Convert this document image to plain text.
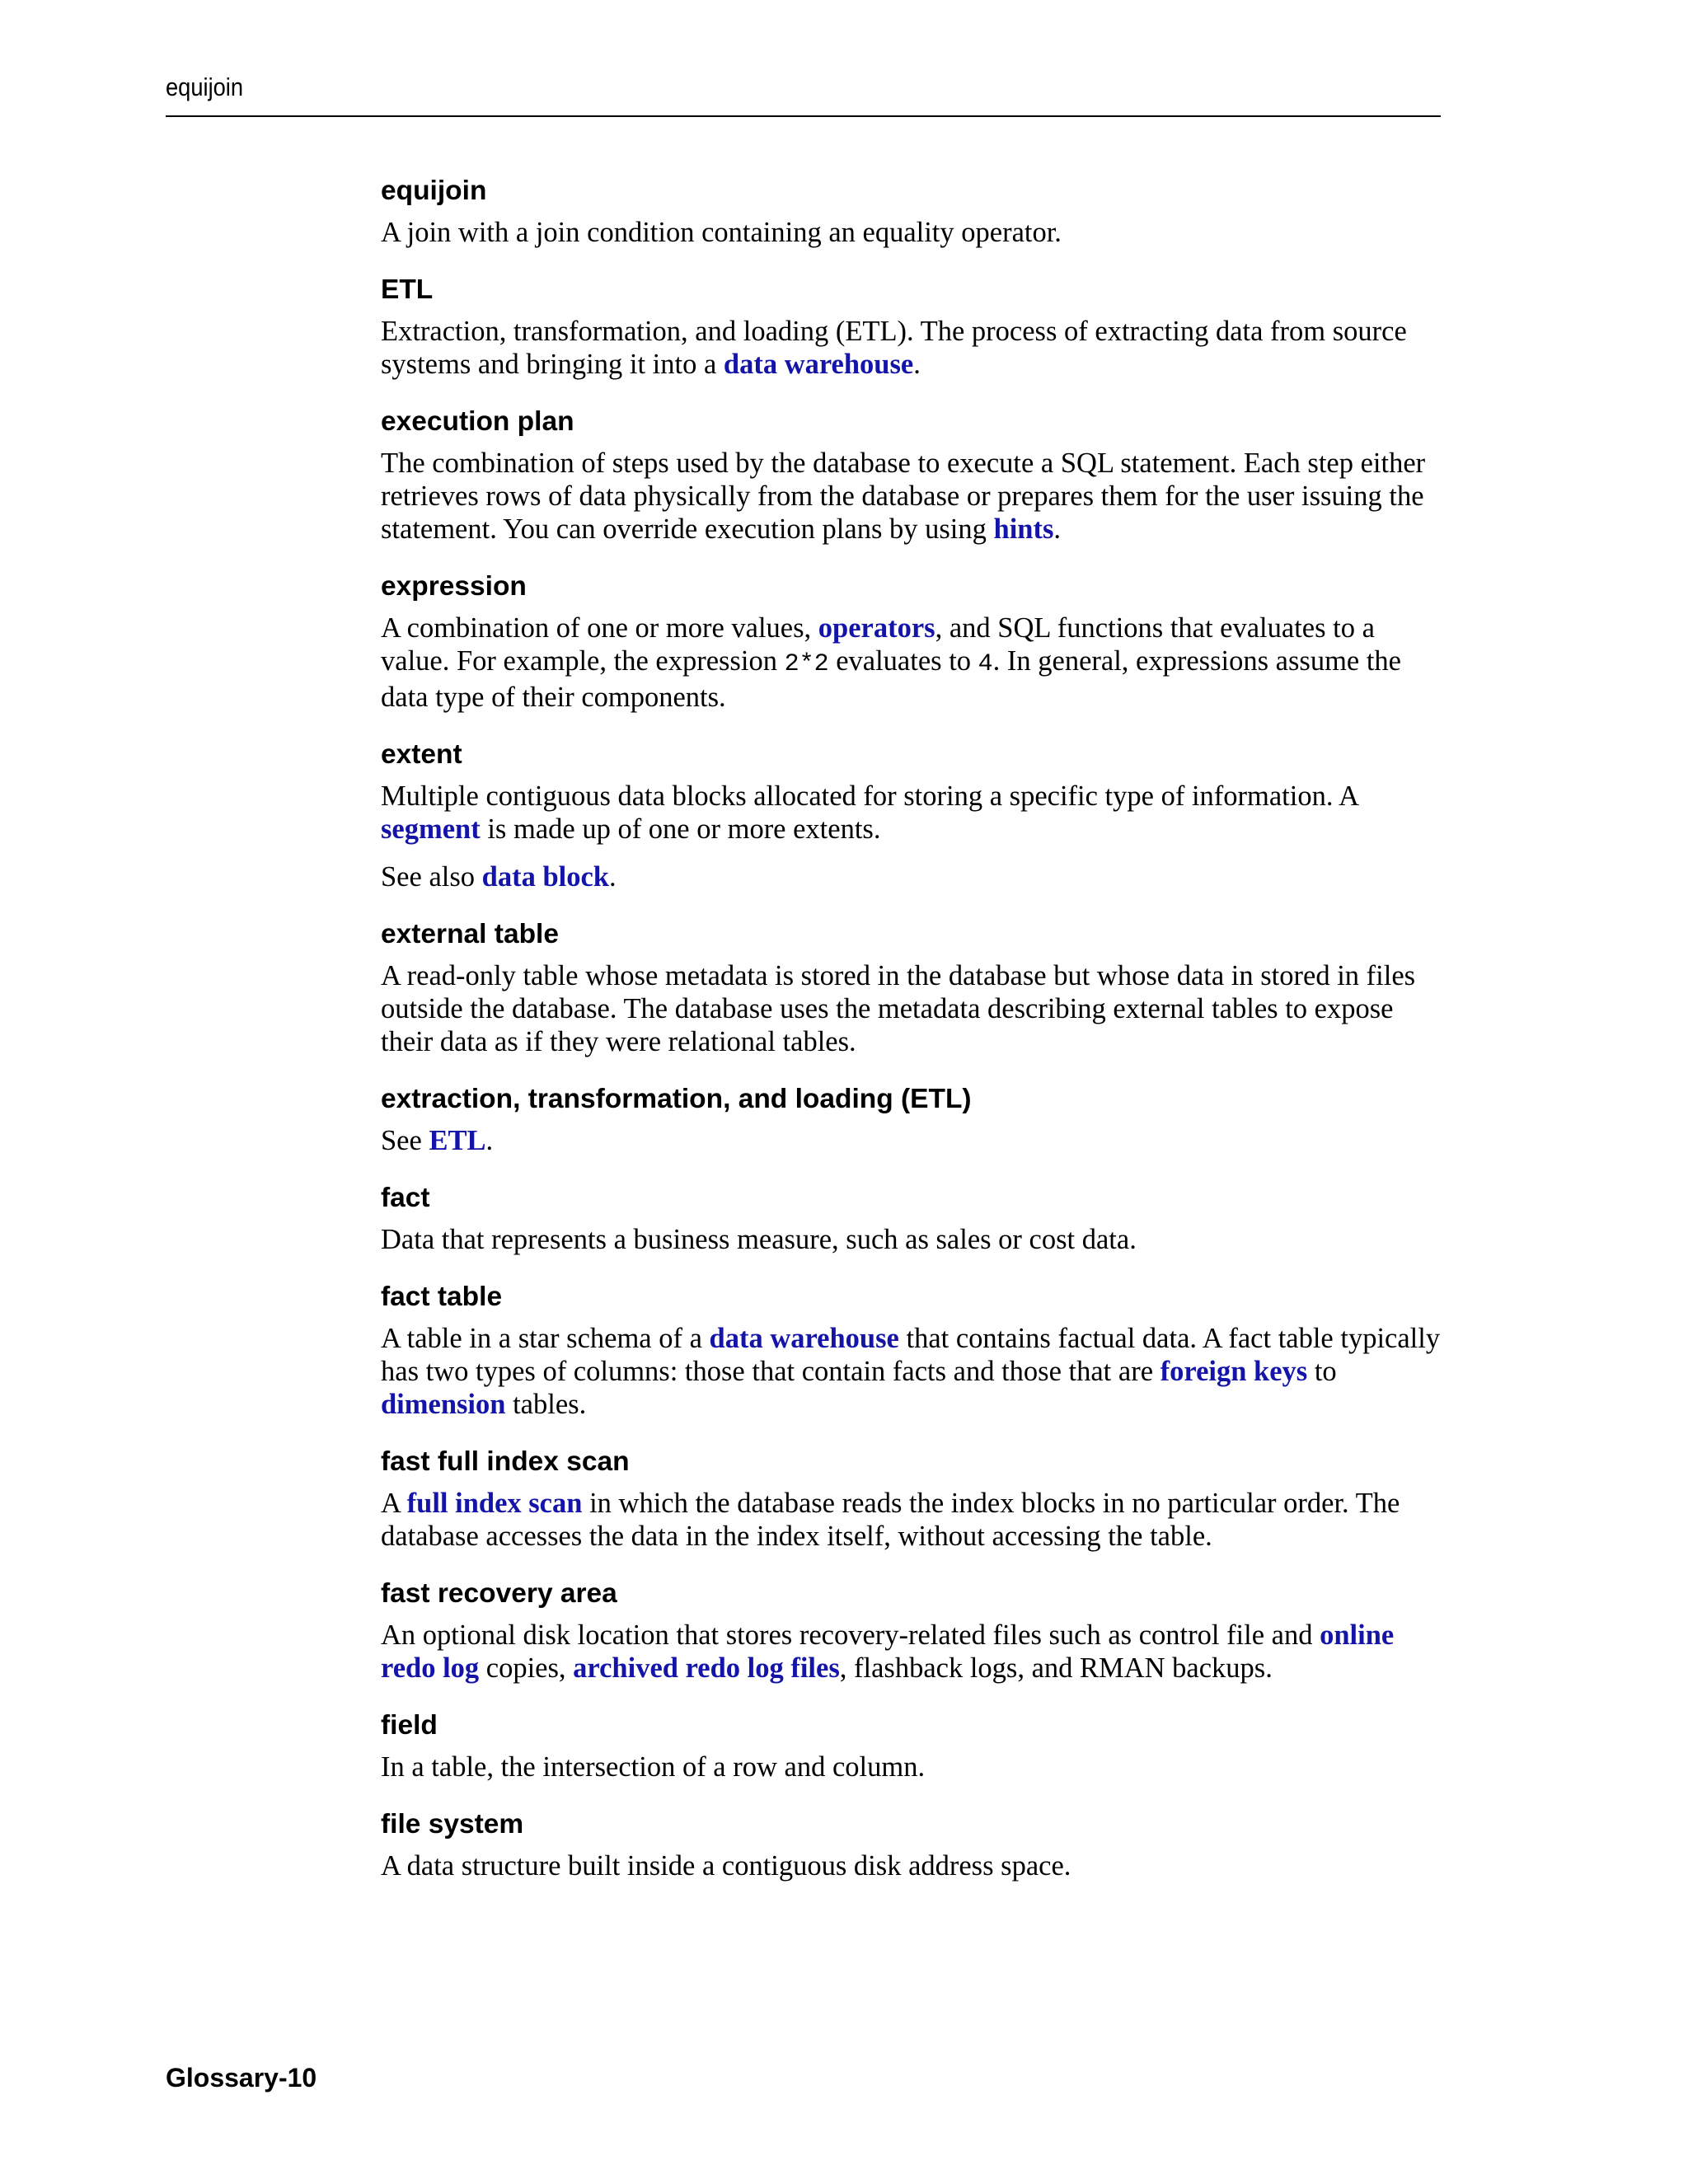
equijoin
equijoin

A join with a join condition containing an equality operator.

ETL

Extraction, transformation, and loading (ETL). The process of extracting data from source systems and bringing it into a data warehouse.

execution plan

The combination of steps used by the database to execute a SQL statement. Each step either retrieves rows of data physically from the database or prepares them for the user issuing the statement. You can override execution plans by using hints.

expression

A combination of one or more values, operators, and SQL functions that evaluates to a value. For example, the expression 2*2 evaluates to 4. In general, expressions assume the data type of their components.

extent

Multiple contiguous data blocks allocated for storing a specific type of information. A segment is made up of one or more extents.

See also data block.

external table

A read-only table whose metadata is stored in the database but whose data in stored in files outside the database. The database uses the metadata describing external tables to expose their data as if they were relational tables.

extraction, transformation, and loading (ETL)

See ETL.

fact

Data that represents a business measure, such as sales or cost data.

fact table

A table in a star schema of a data warehouse that contains factual data. A fact table typically has two types of columns: those that contain facts and those that are foreign keys to dimension tables.

fast full index scan

A full index scan in which the database reads the index blocks in no particular order. The database accesses the data in the index itself, without accessing the table.

fast recovery area

An optional disk location that stores recovery-related files such as control file and online redo log copies, archived redo log files, flashback logs, and RMAN backups.

field

In a table, the intersection of a row and column.

file system

A data structure built inside a contiguous disk address space.

Glossary-10
